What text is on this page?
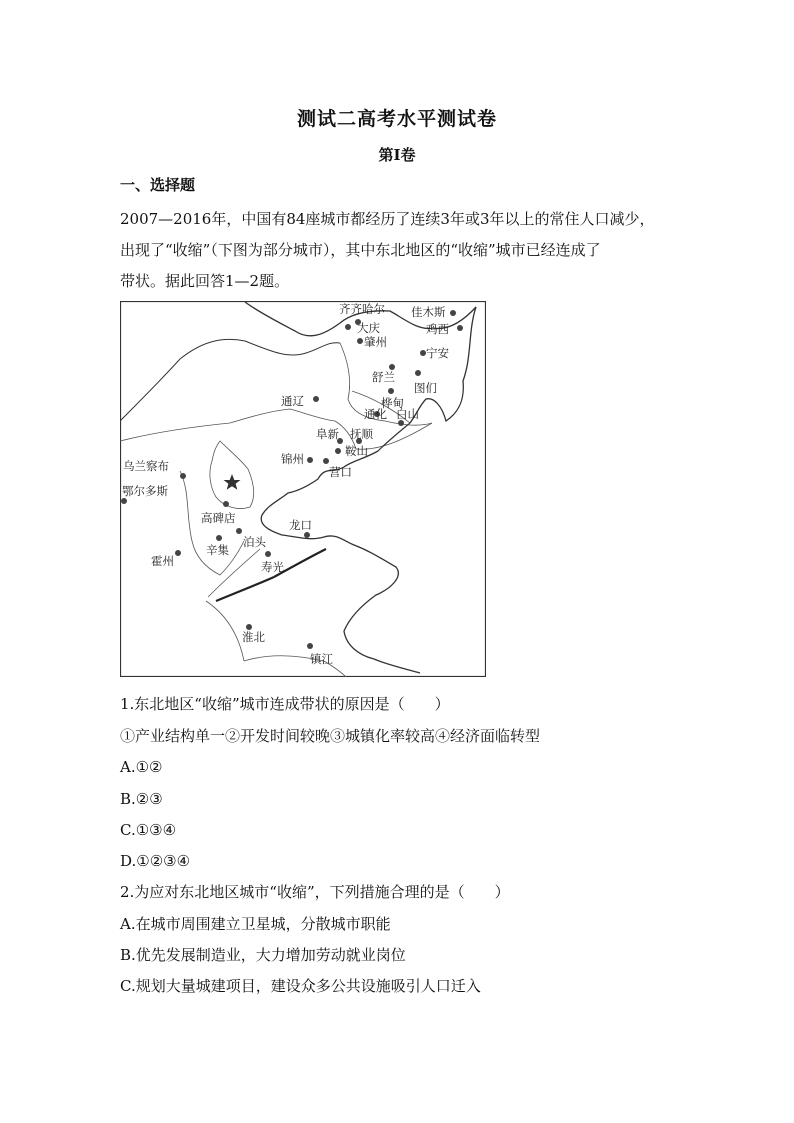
测试二高考水平测试卷
第I卷
一、选择题
2007—2016年，中国有84座城市都经历了连续3年或3年以上的常住人口减少，
出现了“收缩”（下图为部分城市），其中东北地区的“收缩”城市已经连成了
带状。据此回答1—2题。
齐齐哈尔 佳木斯
大庆	鸡西
肇州
宁安
舒兰
图们
通辽	桦甸
通化 白山
阜新 抚顺
鞍山
锦州
营口
乌兰察布
鄂尔多斯
高碑店	龙口
泊头
辛集
寿光
霍州
淮北
镇江
1.东北地区“收缩”城市连成带状的原因是（　　）
①产业结构单一②开发时间较晚③城镇化率较高④经济面临转型
A.①②
B.②③
C.①③④
D.①②③④
2.为应对东北地区城市“收缩”，下列措施合理的是（　　）
A.在城市周围建立卫星城，分散城市职能
B.优先发展制造业，大力增加劳动就业岗位
C.规划大量城建项目，建设众多公共设施吸引人口迁入
